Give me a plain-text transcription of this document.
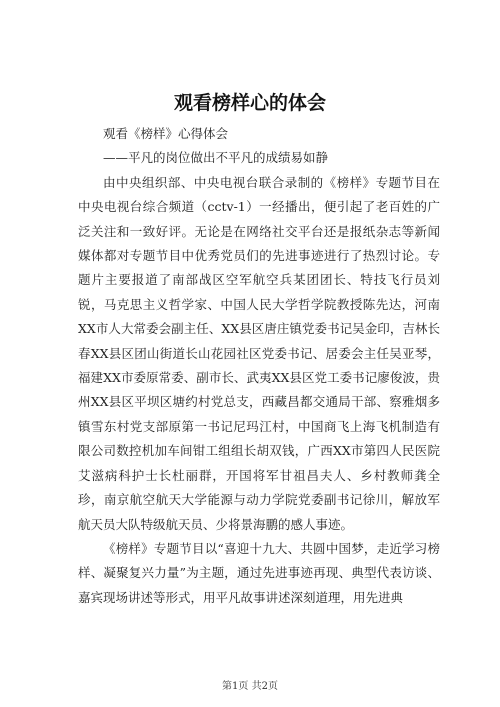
观看榜样心的体会

观看《榜样》心得体会

——平凡的岗位做出不平凡的成绩易如静

由中央组织部、中央电视台联合录制的《榜样》专题节目在中央电视台综合频道（cctv-1）一经播出，便引起了老百姓的广泛关注和一致好评。无论是在网络社交平台还是报纸杂志等新闻媒体都对专题节目中优秀党员们的先进事迹进行了热烈讨论。专题片主要报道了南部战区空军航空兵某团团长、特技飞行员刘锐，马克思主义哲学家、中国人民大学哲学院教授陈先达，河南XX市人大常委会副主任、XX县区唐庄镇党委书记吴金印，吉林长春XX县区团山街道长山花园社区党委书记、居委会主任吴亚琴，福建XX市委原常委、副市长、武夷XX县区党工委书记廖俊波，贵州XX县区平坝区塘约村党总支，西藏昌都交通局干部、察雅烟多镇雪东村党支部原第一书记尼玛江村，中国商飞上海飞机制造有限公司数控机加车间钳工组组长胡双钱，广西XX市第四人民医院艾滋病科护士长杜丽群，开国将军甘祖昌夫人、乡村教师龚全珍，南京航空航天大学能源与动力学院党委副书记徐川，解放军航天员大队特级航天员、少将景海鹏的感人事迹。

《榜样》专题节目以“喜迎十九大、共圆中国梦，走近学习榜样、凝聚复兴力量”为主题，通过先进事迹再现、典型代表访谈、嘉宾现场讲述等形式，用平凡故事讲述深刻道理，用先进典

第1页 共2页
